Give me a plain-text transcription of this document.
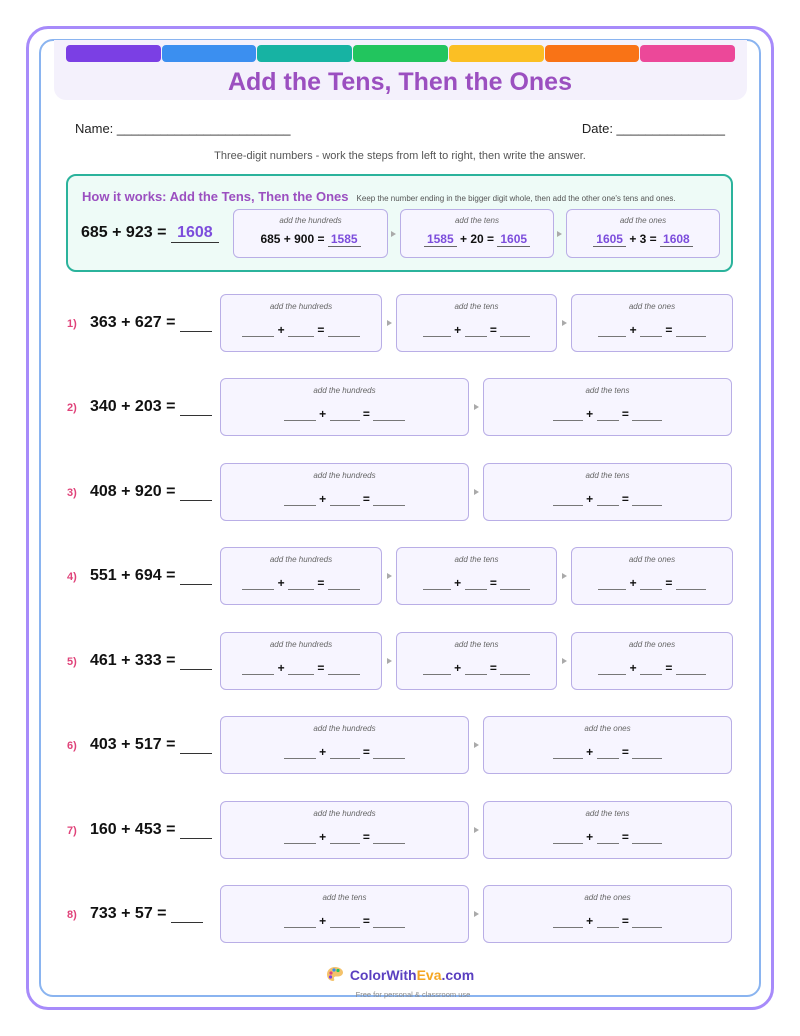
Add the Tens, Then the Ones
Name: ________________________	Date: _______________
Three-digit numbers - work the steps from left to right, then write the answer.
How it works: Add the Tens, Then the Ones Keep the number ending in the bigger digit whole, then add the other one's tens and ones.
685 + 923 = 1608
add the hundreds
685 + 900 = 1585
add the tens
1585 + 20 = 1605
add the ones
1605 + 3 = 1608
1) 363 + 627 =
add the hundreds
+  =
add the tens
+  =
add the ones
+  =
2) 340 + 203 =
add the hundreds
+	=
add the tens
+  =
3) 408 + 920 =
add the hundreds
+	=
add the tens
+  =
4) 551 + 694 =
add the hundreds
+  =
add the tens
+  =
add the ones
+  =
5) 461 + 333 =
add the hundreds
+  =
add the tens
+  =
add the ones
+  =
6) 403 + 517 =
add the hundreds
+	=
add the ones
+  =
7) 160 + 453 =
add the hundreds
+	=
add the tens
+  =
8) 733 + 57 =
add the tens
+	=
add the ones
+  =
ColorWithEva.com
Free for personal & classroom use
